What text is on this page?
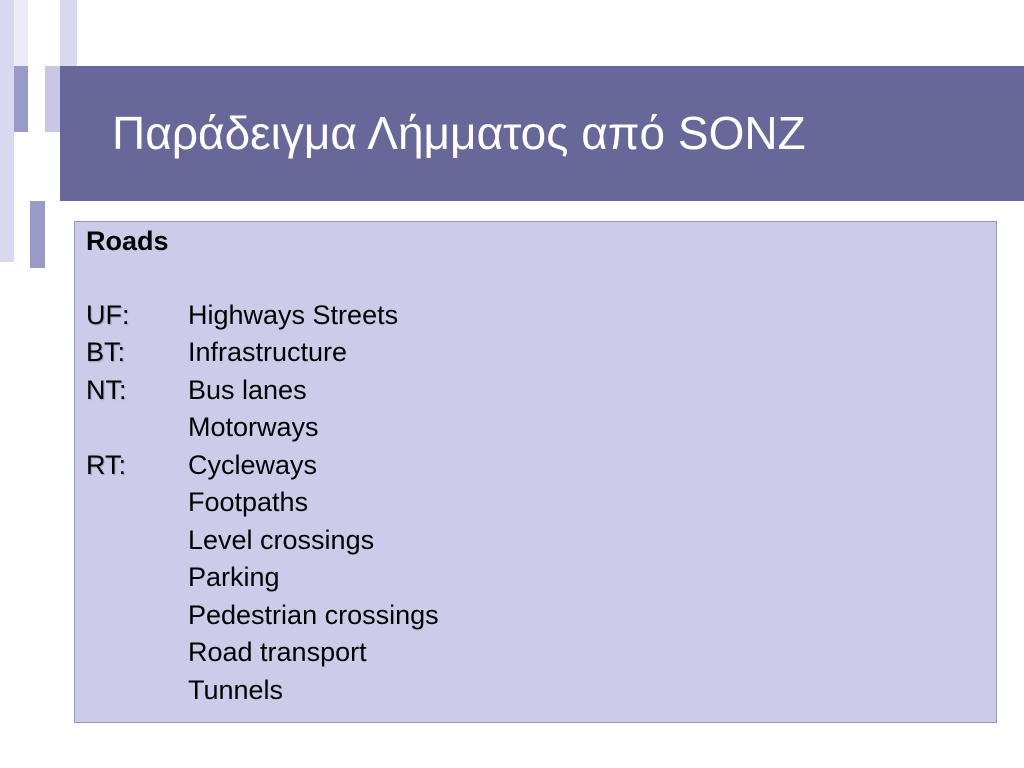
Παράδειγμα Λήμματος από SONZ
Roads
UF:	Highways Streets
BT:	Infrastructure
NT:	Bus lanes
Motorways
RT:	Cycleways
Footpaths
Level crossings
Parking
Pedestrian crossings
Road transport
Tunnels
